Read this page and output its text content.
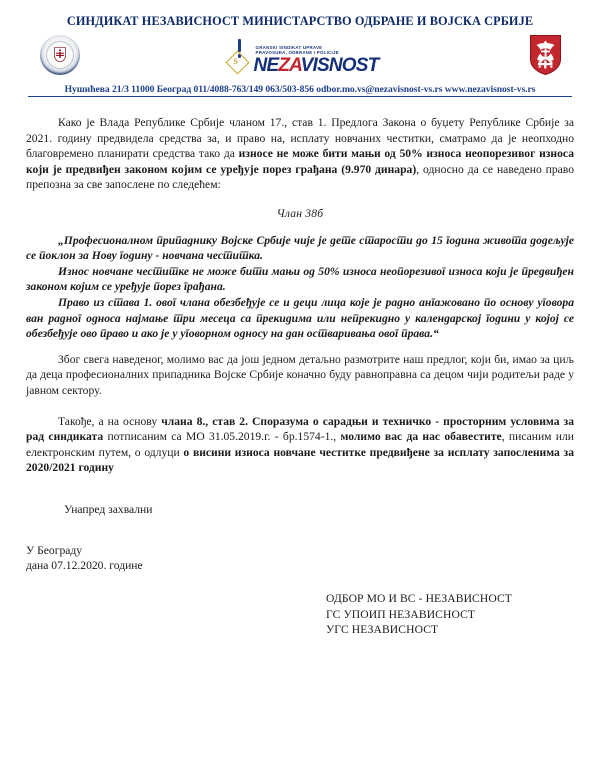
СИНДИКАТ НЕЗАВИСНОСТ МИНИСТАРСТВО ОДБРАНЕ И ВОЈСКА СРБИЈЕ
S
GRANSKI SINDIKAT UPRAVE
PRAVOSUĐA, ODBRANE I POLICIJE
NEZAVISNOST
Нушићева 21/3 11000 Београд 011/4088-763/149 063/503-856 odbor.mo.vs@nezavisnost-vs.rs www.nezavisnost-vs.rs

Како је Влада Републике Србије чланом 17., став 1. Предлога Закона о буџету Републике Србије за 2021. годину предвидела средства за, и право на, исплату новчаних честитки, сматрамо да је неопходно благовремено планирати средства тако да износе не може бити мањи од 50% износа неопорезивог износа који је предвиђен законом којим се уређује порез грађана (9.970 динара), односно да се наведено право препозна за све запослене по следећем:

Члан 38б

„Професионалном припаднику Војске Србије чије је дете старости до 15 година живота додељује се поклон за Нову годину - новчана честитка.

Износ новчане честитке не може бити мањи од 50% износа неопорезивог износа који је предвиђен законом којим се уређује порез грађана.

Право из става 1. овог члана обезбеђује се и деци лица које је радно ангажовано по основу уговора ван радног односа најмање три месеца са прекидима или непрекидно у календарској години у којој се обезбеђује ово право и ако је у уговорном односу на дан остваривања овог права.“

Због свега наведеног, молимо вас да још једном детаљно размотрите наш предлог, који би, имао за циљ да деца професионалних припадника Војске Србије коначно буду равноправна са децом чији родитељи раде у јавном сектору.

Такође, а на основу члана 8., став 2. Споразума о сарадњи и техничко - просторним условима за рад синдиката потписаним са МО 31.05.2019.г. - бр.1574-1., молимо вас да нас обавестите, писаним или електронским путем, о одлуци о висини износа новчане честитке предвиђене за исплату запосленима за 2020/2021 годину

Унапред захвални

У Београду
дана 07.12.2020. године
ОДБОР МО И ВС - НЕЗАВИСНОСТ
ГС УПОИП НЕЗАВИСНОСТ
УГС НЕЗАВИСНОСТ
